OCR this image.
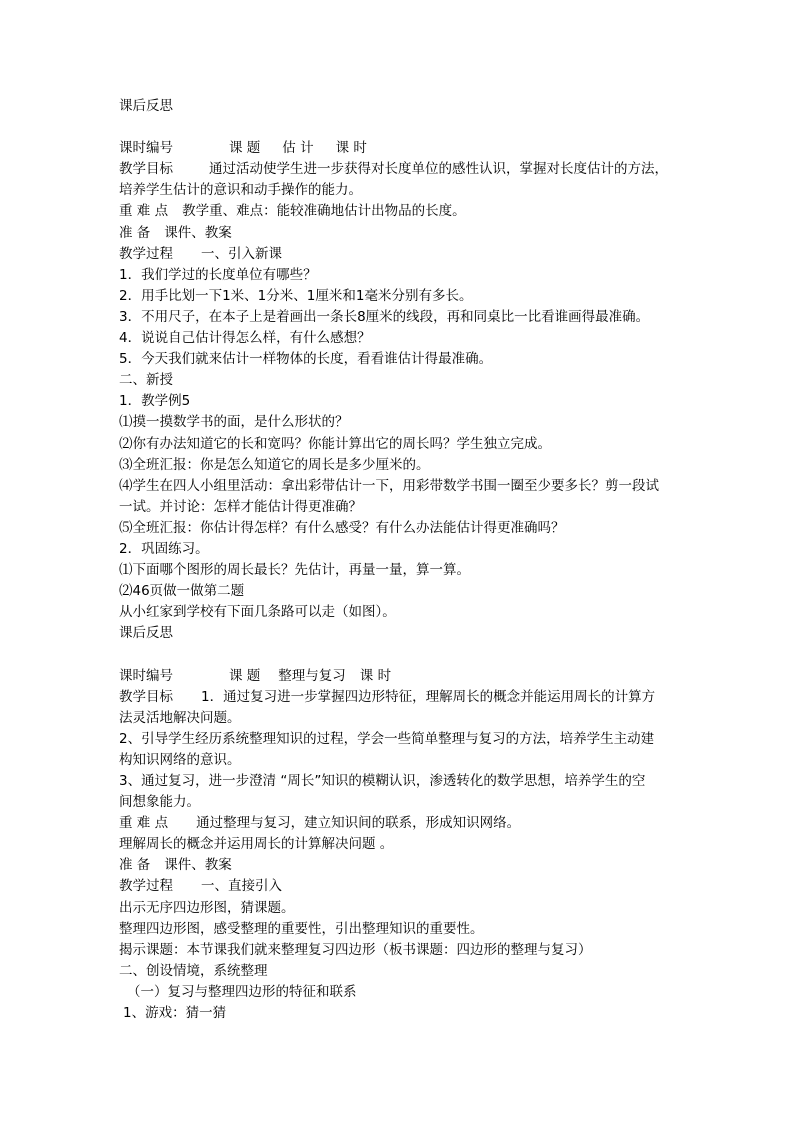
课后反思
课时编号	课 题 估 计 课 时
教学目标	通过活动使学生进一步获得对长度单位的感性认识，掌握对长度估计的方法，
培养学生估计的意识和动手操作的能力。
重 难 点 教学重、难点：能较准确地估计出物品的长度。
准 备 课件、教案
教学过程 一、引入新课
1．我们学过的长度单位有哪些？
2．用手比划一下1米、1分米、1厘米和1毫米分别有多长。
3．不用尺子，在本子上是着画出一条长8厘米的线段，再和同桌比一比看谁画得最准确。
4．说说自己估计得怎么样，有什么感想？
5．今天我们就来估计一样物体的长度，看看谁估计得最准确。
二、新授
1．教学例5
⑴摸一摸数学书的面，是什么形状的？
⑵你有办法知道它的长和宽吗？你能计算出它的周长吗？学生独立完成。
⑶全班汇报：你是怎么知道它的周长是多少厘米的。
⑷学生在四人小组里活动：拿出彩带估计一下，用彩带数学书围一圈至少要多长？剪一段试
一试。并讨论：怎样才能估计得更准确？
⑸全班汇报：你估计得怎样？有什么感受？有什么办法能估计得更准确吗？
2．巩固练习。
⑴下面哪个图形的周长最长？先估计，再量一量，算一算。
⑵46页做一做第二题
从小红家到学校有下面几条路可以走（如图）。
课后反思
课时编号	课 题 整理与复习 课 时
教学目标 1．通过复习进一步掌握四边形特征，理解周长的概念并能运用周长的计算方
法灵活地解决问题。
2、引导学生经历系统整理知识的过程，学会一些简单整理与复习的方法，培养学生主动建
构知识网络的意识。
3、通过复习，进一步澄清 “周长”知识的模糊认识，渗透转化的数学思想，培养学生的空
间想象能力。
重 难 点 通过整理与复习，建立知识间的联系，形成知识网络。
理解周长的概念并运用周长的计算解决问题 。
准 备 课件、教案
教学过程 一、直接引入
出示无序四边形图，猜课题。
整理四边形图，感受整理的重要性，引出整理知识的重要性。
揭示课题：本节课我们就来整理复习四边形（板书课题：四边形的整理与复习）
二、创设情境，系统整理
（一）复习与整理四边形的特征和联系
1、游戏：猜一猜
